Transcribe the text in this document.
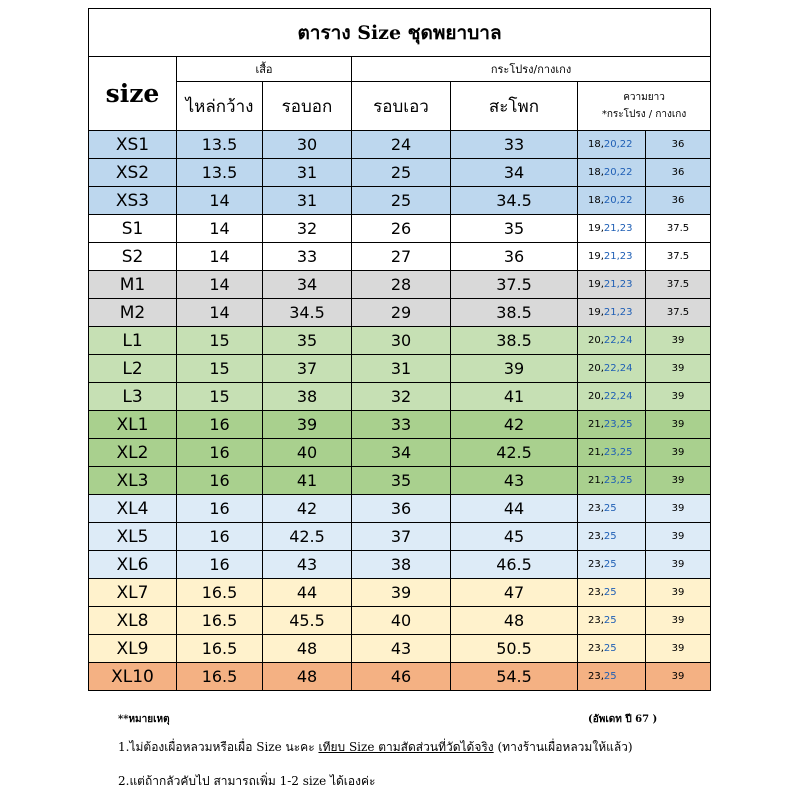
ตาราง Size ชุดพยาบาล						
size	เสื้อ		กระโปรง/กางเกง			
	ไหล่กว้าง	รอบอก	รอบเอว	สะโพก	ความยาว
*กระโปรง / กางเกง	

XS1	13.5	30	24	33	18,20,22	36
XS2	13.5	31	25	34	18,20,22	36
XS3	14	31	25	34.5	18,20,22	36
S1	14	32	26	35	19,21,23	37.5
S2	14	33	27	36	19,21,23	37.5
M1	14	34	28	37.5	19,21,23	37.5
M2	14	34.5	29	38.5	19,21,23	37.5
L1	15	35	30	38.5	20,22,24	39
L2	15	37	31	39	20,22,24	39
L3	15	38	32	41	20,22,24	39
XL1	16	39	33	42	21,23,25	39
XL2	16	40	34	42.5	21,23,25	39
XL3	16	41	35	43	21,23,25	39
XL4	16	42	36	44	23,25	39
XL5	16	42.5	37	45	23,25	39
XL6	16	43	38	46.5	23,25	39
XL7	16.5	44	39	47	23,25	39
XL8	16.5	45.5	40	48	23,25	39
XL9	16.5	48	43	50.5	23,25	39
XL10	16.5	48	46	54.5	23,25	39
**หมายเหตุ	(อัพเดท ปี 67 )
1.ไม่ต้องเผื่อหลวมหรือเผื่อ Size นะคะ เทียบ Size ตามสัดส่วนที่วัดได้จริง (ทางร้านเผื่อหลวมให้แล้ว)
2.แต่ถ้ากลัวคับไป สามารถเพิ่ม 1-2 size ได้เองค่ะ
